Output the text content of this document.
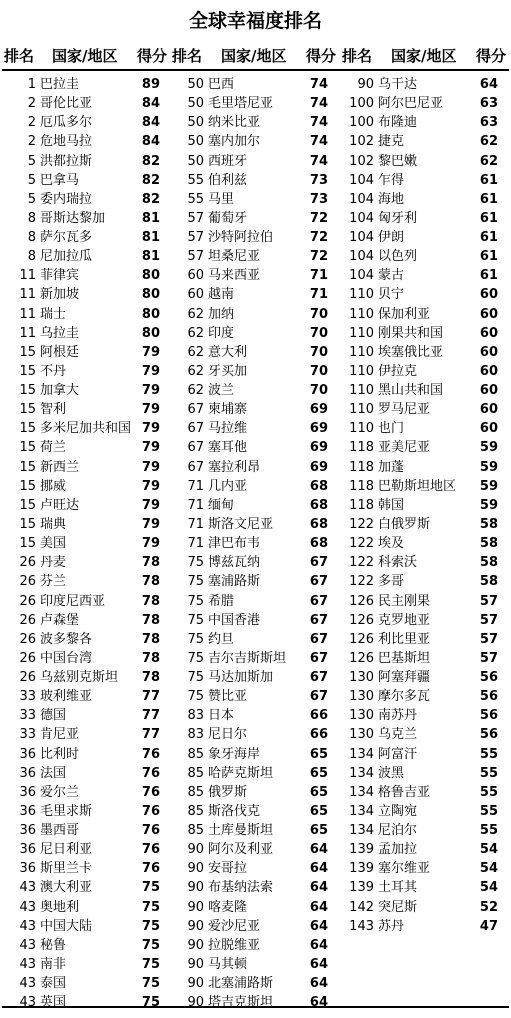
全球幸福度排名
排名 国家/地区 得分 排名 国家/地区 得分 排名 国家/地区 得分
1 巴拉圭	89
2 哥伦比亚	84
2 厄瓜多尔	84
2 危地马拉	84
5 洪都拉斯	82
5 巴拿马	82
5 委内瑞拉	82
8 哥斯达黎加	81
8 萨尔瓦多	81
8 尼加拉瓜	81
11 菲律宾	80
11 新加坡	80
11 瑞士	80
11 乌拉圭	80
15 阿根廷	79
15 不丹	79
15 加拿大	79
15 智利	79
15 多米尼加共和国 79
15 荷兰	79
15 新西兰	79
15 挪威	79
15 卢旺达	79
15 瑞典	79
15 美国	79
26 丹麦	78
26 芬兰	78
26 印度尼西亚	78
26 卢森堡	78
26 波多黎各	78
26 中国台湾	78
26 乌兹别克斯坦	78
33 玻利维亚	77
33 德国	77
33 肯尼亚	77
36 比利时	76
36 法国	76
36 爱尔兰	76
36 毛里求斯	76
36 墨西哥	76
36 尼日利亚	76
36 斯里兰卡	76
43 澳大利亚	75
43 奥地利	75
43 中国大陆	75
43 秘鲁	75
43 南非	75
43 泰国	75
43 英国	75
50 巴西	74
50 毛里塔尼亚	74
50 纳米比亚	74
50 塞内加尔	74
50 西班牙	74
55 伯利兹	73
55 马里	73
57 葡萄牙	72
57 沙特阿拉伯	72
57 坦桑尼亚	72
60 马来西亚	71
60 越南	71
62 加纳	70
62 印度	70
62 意大利	70
62 牙买加	70
62 波兰	70
67 柬埔寨	69
67 马拉维	69
67 塞耳他	69
67 塞拉利昂	69
71 几内亚	68
71 缅甸	68
71 斯洛文尼亚	68
71 津巴布韦	68
75 博兹瓦纳	67
75 塞浦路斯	67
75 希腊	67
75 中国香港	67
75 约旦	67
75 吉尔吉斯斯坦	67
75 马达加斯加	67
75 赞比亚	67
83 日本	66
83 尼日尔	66
85 象牙海岸	65
85 哈萨克斯坦	65
85 俄罗斯	65
85 斯洛伐克	65
85 土库曼斯坦	65
90 阿尔及利亚	64
90 安哥拉	64
90 布基纳法索	64
90 喀麦隆	64
90 爱沙尼亚	64
90 拉脱维亚	64
90 马其顿	64
90 北塞浦路斯	64
90 塔吉克斯坦	64
90 乌干达	64
100 阿尔巴尼亚	63
100 布隆迪	63
102 捷克	62
102 黎巴嫩	62
104 乍得	61
104 海地	61
104 匈牙利	61
104 伊朗	61
104 以色列	61
104 蒙古	61
110 贝宁	60
110 保加利亚	60
110 刚果共和国	60
110 埃塞俄比亚	60
110 伊拉克	60
110 黑山共和国	60
110 罗马尼亚	60
110 也门	60
118 亚美尼亚	59
118 加蓬	59
118 巴勒斯坦地区	59
118 韩国	59
122 白俄罗斯	58
122 埃及	58
122 科索沃	58
122 多哥	58
126 民主刚果	57
126 克罗地亚	57
126 利比里亚	57
126 巴基斯坦	57
130 阿塞拜疆	56
130 摩尔多瓦	56
130 南苏丹	56
130 乌克兰	56
134 阿富汗	55
134 波黑	55
134 格鲁吉亚	55
134 立陶宛	55
134 尼泊尔	55
139 孟加拉	54
139 塞尔维亚	54
139 土耳其	54
142 突尼斯	52
143 苏丹	47
